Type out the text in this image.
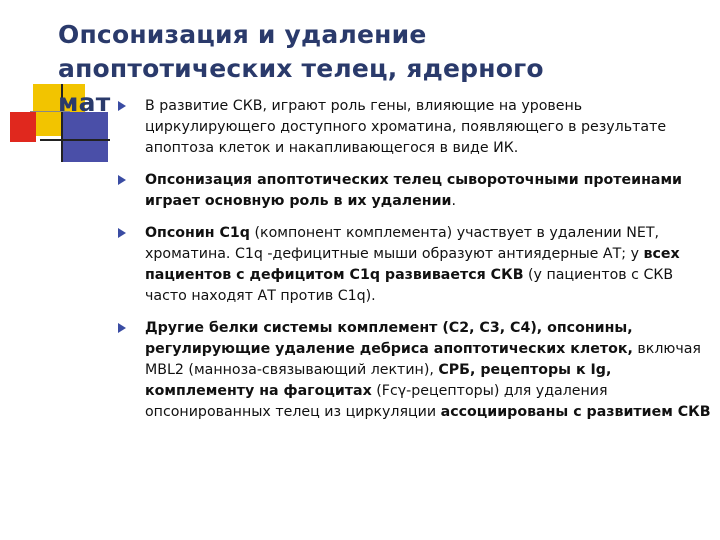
Опсонизация и удаление
апоптотических телец, ядерного
мат	В развитие СКВ, играют роль гены, влияющие на уровень циркулирующего доступного хроматина, появляющего в результате апоптоза клеток и накапливающегося в виде ИК.
Опсонизация апоптотических телец сывороточными протеинами играет основную роль в их удалении.
Опсонин С1q (компонент комплемента) участвует в удалении NET, хроматина. С1q -дефицитные мыши образуют антиядерные АТ; у всех пациентов с дефицитом С1q развивается СКВ (у пациентов с СКВ часто находят АТ против С1q).
Другие белки системы комплемент (С2, С3, С4), опсонины, регулирующие удаление дебриса апоптотических клеток, включая MBL2 (манноза-связывающий лектин), СРБ, рецепторы к Ig, комплементу на фагоцитах (Fcγ-рецепторы) для удаления опсонированных телец из циркуляции ассоциированы с развитием СКВ
